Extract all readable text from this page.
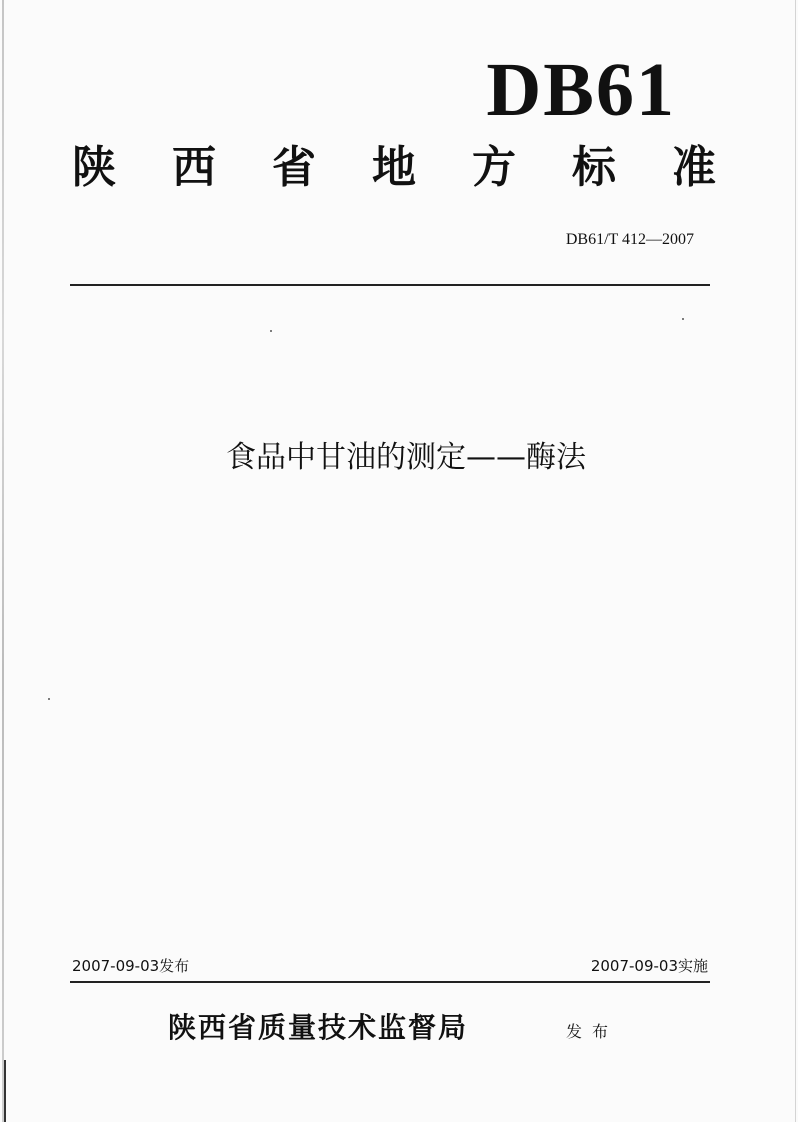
DB61
陕 西 省 地 方 标 准
DB61/T 412—2007
食品中甘油的测定——酶法
2007-09-03发布	2007-09-03实施
陕西省质量技术监督局	发布
